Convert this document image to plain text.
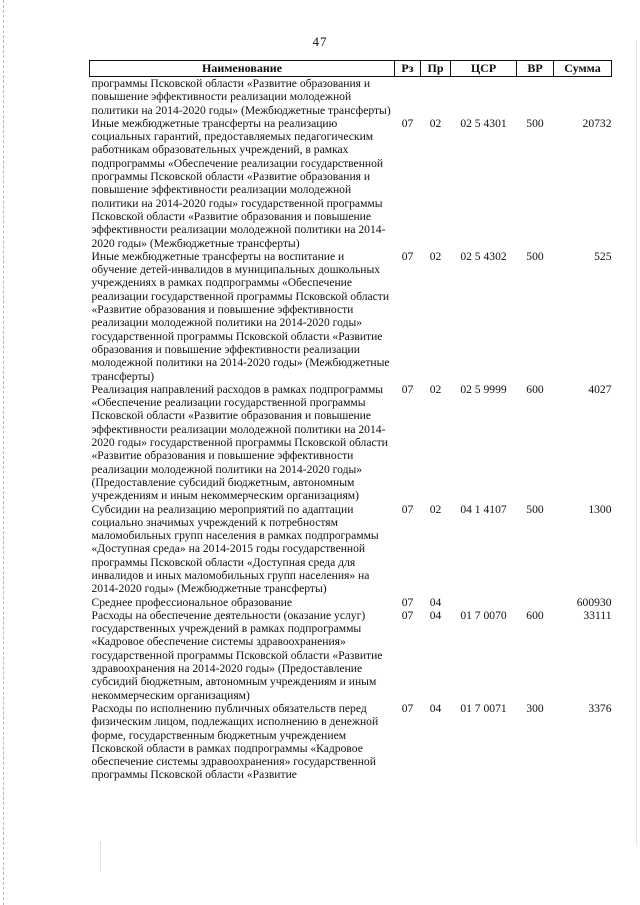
47
Наименование	Рз	Пр	ЦСР	ВР	Сумма
программы Псковской области «Развитие образования и повышение эффективности реализации молодежной политики на 2014-2020 годы» (Межбюджетные трансферты)					
Иные межбюджетные трансферты на реализацию социальных гарантий, предоставляемых педагогическим работникам образовательных учреждений, в рамках подпрограммы «Обеспечение реализации государственной программы Псковской области «Развитие образования и повышение эффективности реализации молодежной политики на 2014-2020 годы» государственной программы Псковской области «Развитие образования и повышение эффективности реализации молодежной политики на 2014-2020 годы» (Межбюджетные трансферты)	07	02	02 5 4301	500	20732
Иные межбюджетные трансферты на воспитание и обучение детей-инвалидов в муниципальных дошкольных учреждениях в рамках подпрограммы «Обеспечение реализации государственной программы Псковской области «Развитие образования и повышение эффективности реализации молодежной политики на 2014-2020 годы» государственной программы Псковской области «Развитие образования и повышение эффективности реализации молодежной политики на 2014-2020 годы» (Межбюджетные трансферты)	07	02	02 5 4302	500	525
Реализация направлений расходов в рамках подпрограммы «Обеспечение реализации государственной программы Псковской области «Развитие образования и повышение эффективности реализации молодежной политики на 2014-2020 годы» государственной программы Псковской области «Развитие образования и повышение эффективности реализации молодежной политики на 2014-2020 годы» (Предоставление субсидий бюджетным, автономным учреждениям и иным некоммерческим организациям)	07	02	02 5 9999	600	4027
Субсидии на реализацию мероприятий по адаптации социально значимых учреждений к потребностям маломобильных групп населения в рамках подпрограммы «Доступная среда» на 2014-2015 годы государственной программы Псковской области «Доступная среда для инвалидов и иных маломобильных групп населения» на 2014-2020 годы» (Межбюджетные трансферты)	07	02	04 1 4107	500	1300
Среднее профессиональное образование	07	04			600930
Расходы на обеспечение деятельности (оказание услуг) государственных учреждений в рамках подпрограммы «Кадровое обеспечение системы здравоохранения» государственной программы Псковской области «Развитие здравоохранения на 2014-2020 годы» (Предоставление субсидий бюджетным, автономным учреждениям и иным некоммерческим организациям)	07	04	01 7 0070	600	33111
Расходы по исполнению публичных обязательств перед физическим лицом, подлежащих исполнению в денежной форме, государственным бюджетным учреждением Псковской области в рамках подпрограммы «Кадровое обеспечение системы здравоохранения» государственной программы Псковской области «Развитие	07	04	01 7 0071	300	3376
